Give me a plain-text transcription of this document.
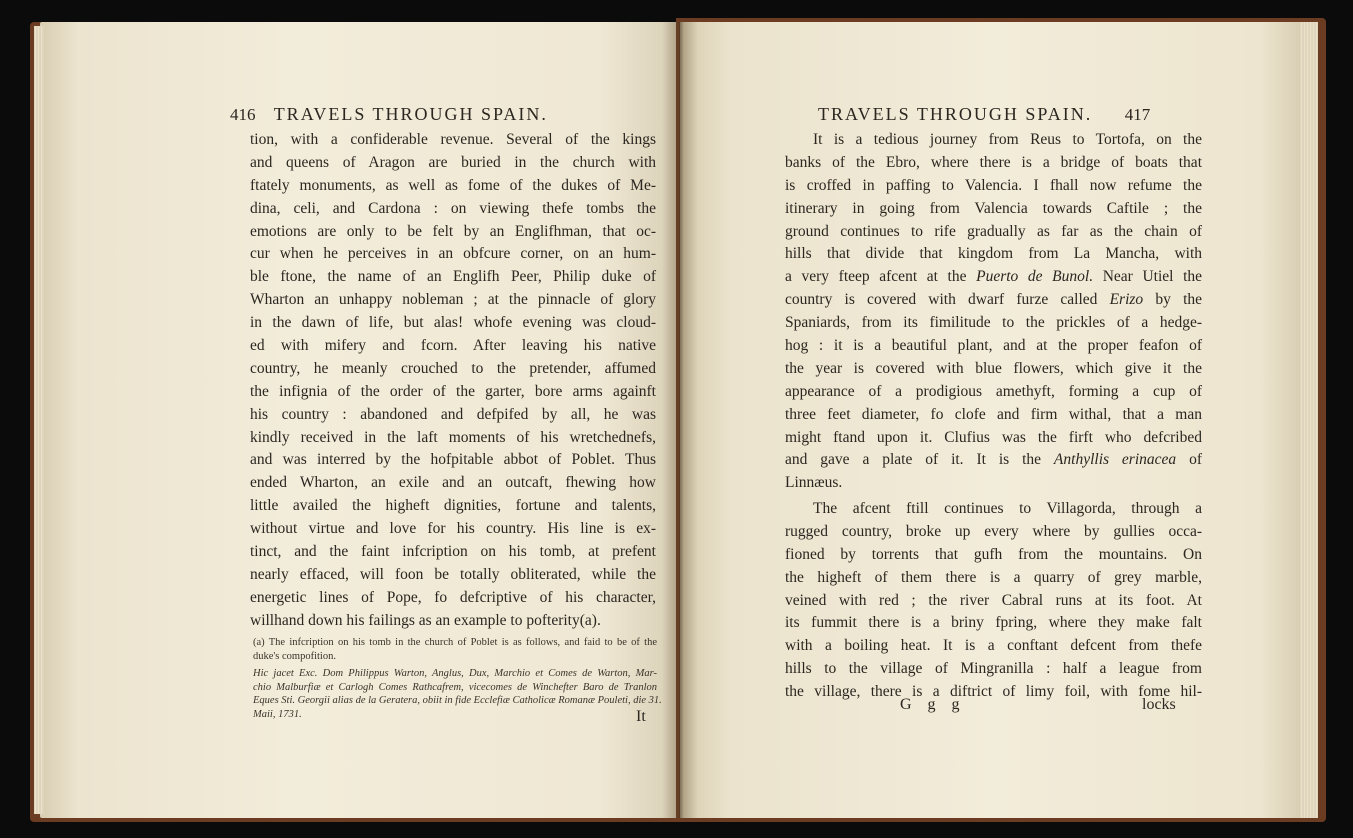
416 TRAVELS THROUGH SPAIN.	TRAVELS THROUGH SPAIN. 417
tion, with a confiderable revenue. Several of the kings
and queens of Aragon are buried in the church with
ftately monuments, as well as fome of the dukes of Me-
dina, celi, and Cardona : on viewing thefe tombs the
emotions are only to be felt by an Englifhman, that oc-
cur when he perceives in an obfcure corner, on an hum-
ble ftone, the name of an Englifh Peer, Philip duke of
Wharton an unhappy nobleman ; at the pinnacle of glory
in the dawn of life, but alas! whofe evening was cloud-
ed with mifery and fcorn. After leaving his native
country, he meanly crouched to the pretender, affumed
the infignia of the order of the garter, bore arms againft
his country : abandoned and defpifed by all, he was
kindly received in the laft moments of his wretchednefs,
and was interred by the hofpitable abbot of Poblet. Thus
ended Wharton, an exile and an outcaft, fhewing how
little availed the higheft dignities, fortune and talents,
without virtue and love for his country. His line is ex-
tinct, and the faint infcription on his tomb, at prefent
nearly effaced, will foon be totally obliterated, while the
energetic lines of Pope, fo defcriptive of his character,
willhand down his failings as an example to pofterity(a).
(a) The infcription on his tomb in the church of Poblet is as follows, and faid to be of the
duke's compofition.
Hic jacet Exc. Dom Philippus Warton, Anglus, Dux, Marchio et Comes de Warton, Mar-
chio Malburfiæ et Carlogh Comes Rathcafrem, vicecomes de Winchefter Baro de Tranlon
Eques Sti. Georgii alias de la Geratera, obiit in fide Ecclefiæ Catholicæ Romanæ Pouleti, die 31.
Maii, 1731.	It
It is a tedious journey from Reus to Tortofa, on the
banks of the Ebro, where there is a bridge of boats that
is croffed in paffing to Valencia. I fhall now refume the
itinerary in going from Valencia towards Caftile ; the
ground continues to rife gradually as far as the chain of
hills that divide that kingdom from La Mancha, with
a very fteep afcent at the Puerto de Bunol. Near Utiel the
country is covered with dwarf furze called Erizo by the
Spaniards, from its fimilitude to the prickles of a hedge-
hog : it is a beautiful plant, and at the proper feafon of
the year is covered with blue flowers, which give it the
appearance of a prodigious amethyft, forming a cup of
three feet diameter, fo clofe and firm withal, that a man
might ftand upon it. Clufius was the firft who defcribed
and gave a plate of it. It is the Anthyllis erinacea of
Linnæus.
The afcent ftill continues to Villagorda, through a
rugged country, broke up every where by gullies occa-
fioned by torrents that gufh from the mountains. On
the higheft of them there is a quarry of grey marble,
veined with red ; the river Cabral runs at its foot. At
its fummit there is a briny fpring, where they make falt
with a boiling heat. It is a conftant defcent from thefe
hills to the village of Mingranilla : half a league from
the village, there is a diftrict of limy foil, with fome hil-
G g g	locks
